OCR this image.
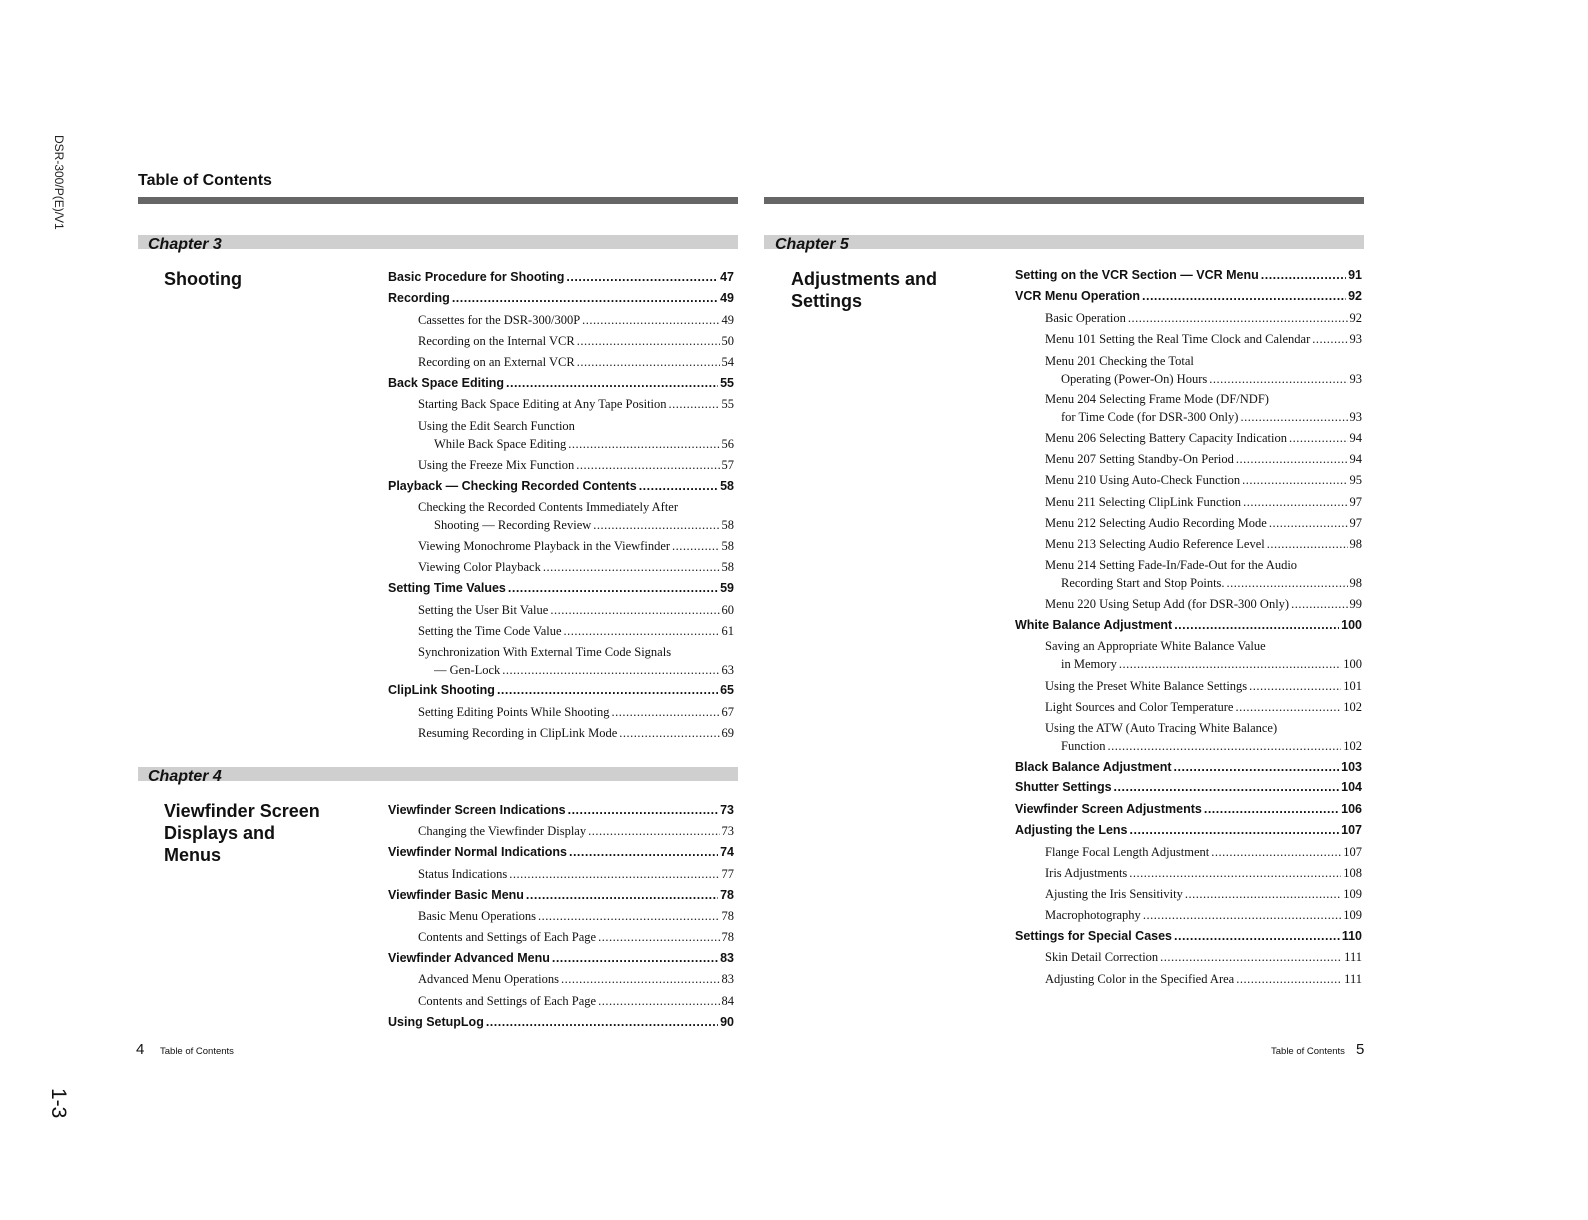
DSR-300/P(E)/V1
1-3
Table of Contents
Chapter 3
Shooting
Chapter 4
Viewfinder Screen
Displays and
Menus
Chapter 5
Adjustments and
Settings
Basic Procedure for Shooting .....	47
Recording .....	49
Cassettes for the DSR-300/300P .....	49
Recording on the Internal VCR .....	50
Recording on an External VCR .....	54
Back Space Editing .....	55
Starting Back Space Editing at Any Tape Position .....	55
Using the Edit Search Function
While Back Space Editing .....	56
Using the Freeze Mix Function .....	57
Playback — Checking Recorded Contents .....	58
Checking the Recorded Contents Immediately After
Shooting — Recording Review .....	58
Viewing Monochrome Playback in the Viewfinder .....	58
Viewing Color Playback .....	58
Setting Time Values .....	59
Setting the User Bit Value .....	60
Setting the Time Code Value .....	61
Synchronization With External Time Code Signals
— Gen-Lock .....	63
ClipLink Shooting .....	65
Setting Editing Points While Shooting .....	67
Resuming Recording in ClipLink Mode .....	69
Viewfinder Screen Indications .....	73
Changing the Viewfinder Display .....	73
Viewfinder Normal Indications .....	74
Status Indications .....	77
Viewfinder Basic Menu .....	78
Basic Menu Operations .....	78
Contents and Settings of Each Page .....	78
Viewfinder Advanced Menu .....	83
Advanced Menu Operations .....	83
Contents and Settings of Each Page .....	84
Using SetupLog .....	90
Setting on the VCR Section — VCR Menu .....	91
VCR Menu Operation .....	92
Basic Operation .....	92
Menu 101 Setting the Real Time Clock and Calendar .....	93
Menu 201 Checking the Total
Operating (Power-On) Hours .....	93
Menu 204 Selecting Frame Mode (DF/NDF)
for Time Code (for DSR-300 Only) .....	93
Menu 206 Selecting Battery Capacity Indication .....	94
Menu 207 Setting Standby-On Period .....	94
Menu 210 Using Auto-Check Function .....	95
Menu 211 Selecting ClipLink Function .....	97
Menu 212 Selecting Audio Recording Mode .....	97
Menu 213 Selecting Audio Reference Level .....	98
Menu 214 Setting Fade-In/Fade-Out for the Audio
Recording Start and Stop Points. .....	98
Menu 220 Using Setup Add (for DSR-300 Only) .....	99
White Balance Adjustment .....	100
Saving an Appropriate White Balance Value
in Memory .....	100
Using the Preset White Balance Settings .....	101
Light Sources and Color Temperature .....	102
Using the ATW (Auto Tracing White Balance)
Function .....	102
Black Balance Adjustment .....	103
Shutter Settings .....	104
Viewfinder Screen Adjustments .....	106
Adjusting the Lens .....	107
Flange Focal Length Adjustment .....	107
Iris Adjustments .....	108
Ajusting the Iris Sensitivity .....	109
Macrophotography .....	109
Settings for Special Cases .....	110
Skin Detail Correction .....	111
Adjusting Color in the Specified Area .....	111
4 Table of Contents	Table of Contents 5
